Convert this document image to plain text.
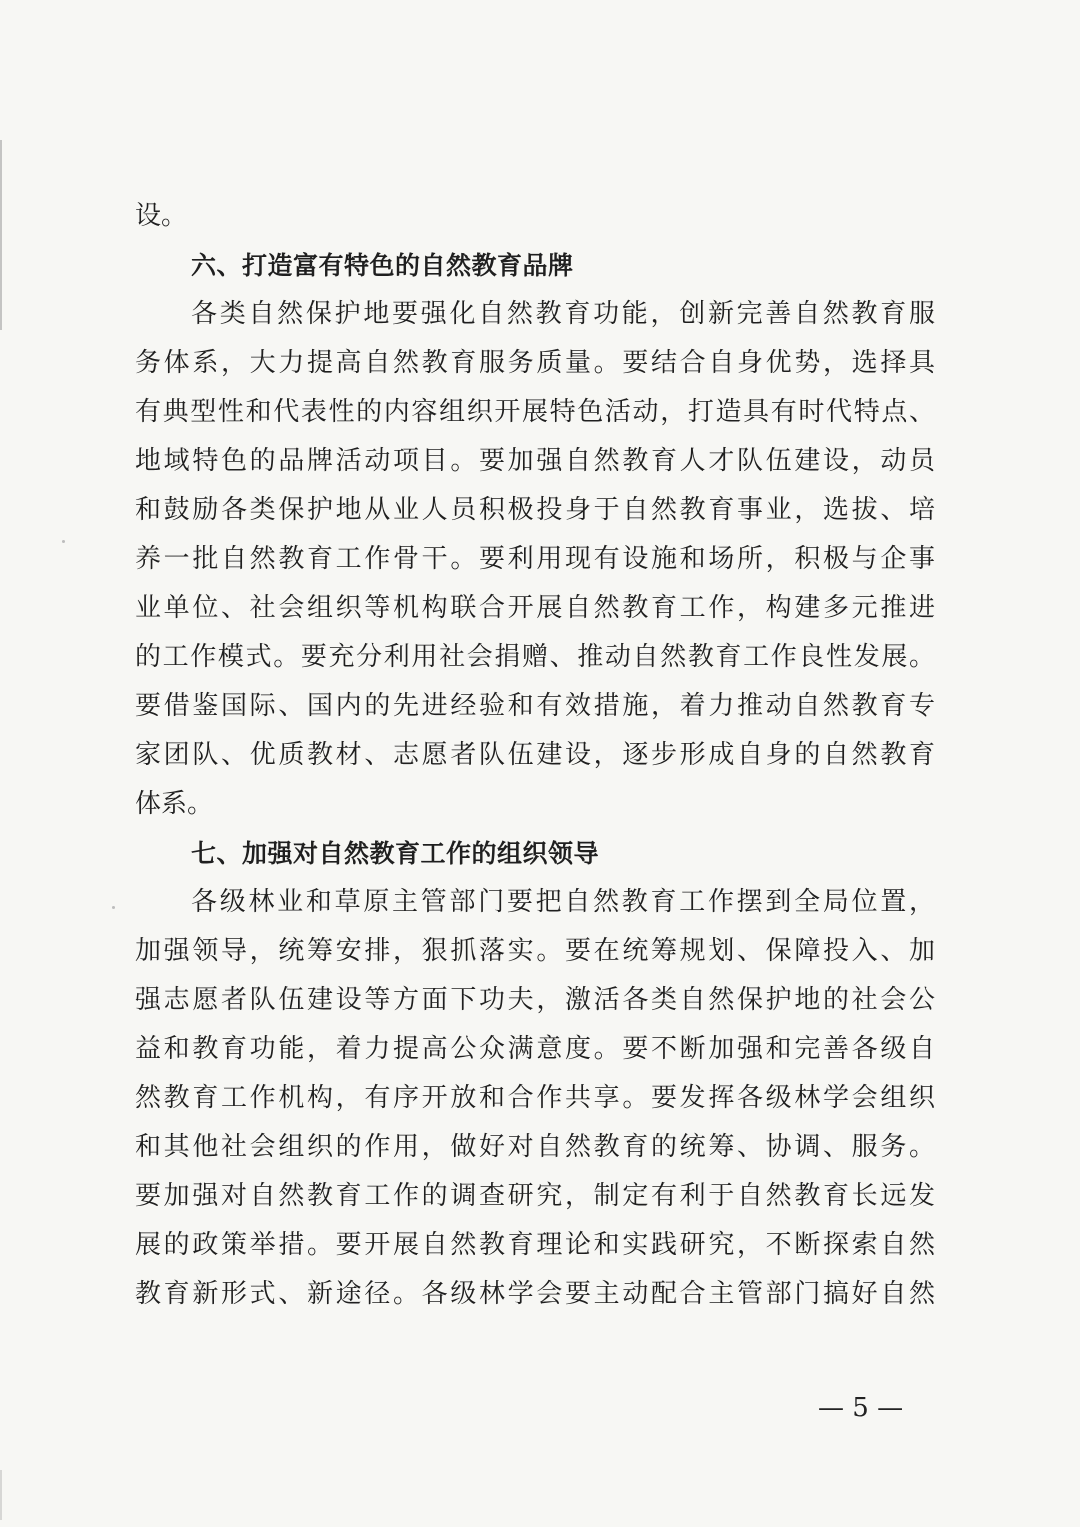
设。
六、打造富有特色的自然教育品牌
各类自然保护地要强化自然教育功能，创新完善自然教育服
务体系，大力提高自然教育服务质量。要结合自身优势，选择具
有典型性和代表性的内容组织开展特色活动，打造具有时代特点、
地域特色的品牌活动项目。要加强自然教育人才队伍建设，动员
和鼓励各类保护地从业人员积极投身于自然教育事业，选拔、培
养一批自然教育工作骨干。要利用现有设施和场所，积极与企事
业单位、社会组织等机构联合开展自然教育工作，构建多元推进
的工作模式。要充分利用社会捐赠、推动自然教育工作良性发展。
要借鉴国际、国内的先进经验和有效措施，着力推动自然教育专
家团队、优质教材、志愿者队伍建设，逐步形成自身的自然教育
体系。
七、加强对自然教育工作的组织领导
各级林业和草原主管部门要把自然教育工作摆到全局位置，
加强领导，统筹安排，狠抓落实。要在统筹规划、保障投入、加
强志愿者队伍建设等方面下功夫，激活各类自然保护地的社会公
益和教育功能，着力提高公众满意度。要不断加强和完善各级自
然教育工作机构，有序开放和合作共享。要发挥各级林学会组织
和其他社会组织的作用，做好对自然教育的统筹、协调、服务。
要加强对自然教育工作的调查研究，制定有利于自然教育长远发
展的政策举措。要开展自然教育理论和实践研究，不断探索自然
教育新形式、新途径。各级林学会要主动配合主管部门搞好自然
— 5 —
